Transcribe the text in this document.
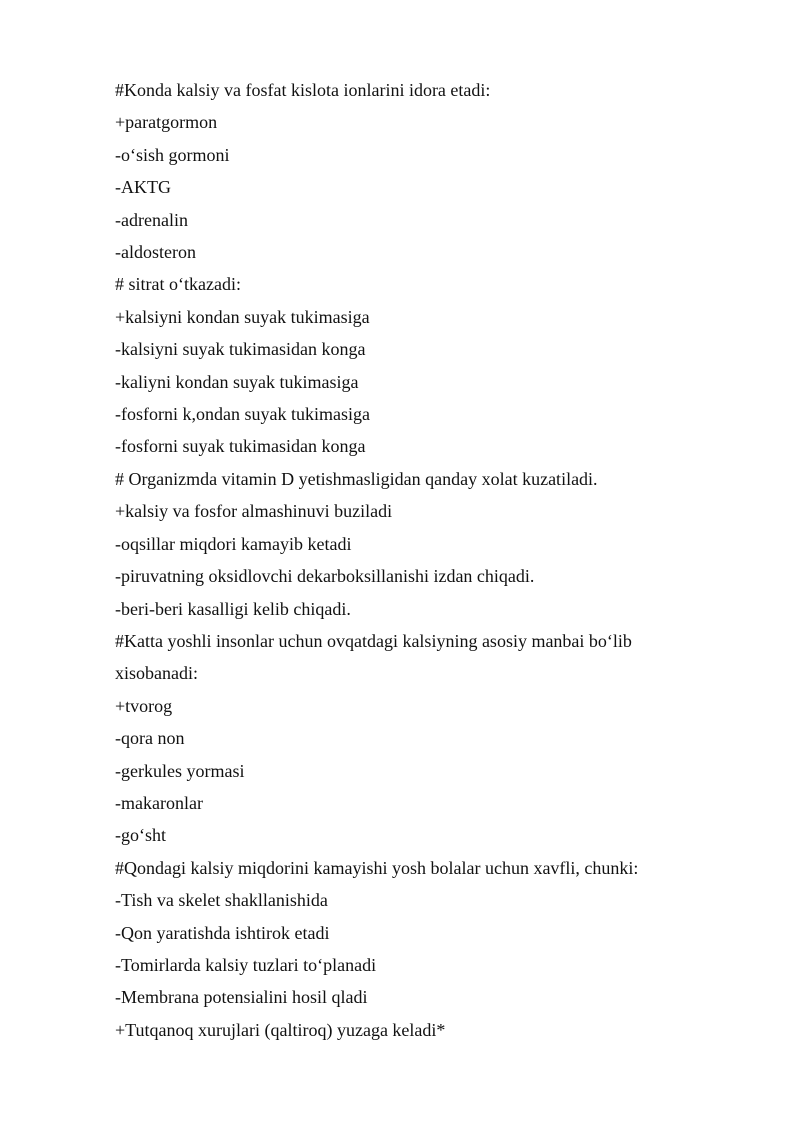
#Konda kalsiy va fosfat kislota ionlarini idora etadi:

+paratgormon

-o‘sish gormoni

-AKTG

-adrenalin

-aldosteron

# sitrat o‘tkazadi:

+kalsiyni kondan suyak tukimasiga

-kalsiyni suyak tukimasidan konga

-kaliyni kondan suyak tukimasiga

-fosforni k,ondan suyak tukimasiga

-fosforni suyak tukimasidan konga

# Organizmda vitamin D yetishmasligidan qanday xolat kuzatiladi.

+kalsiy va fosfor almashinuvi buziladi

-oqsillar miqdori kamayib ketadi

-piruvatning oksidlovchi dekarboksillanishi izdan chiqadi.

-beri-beri kasalligi kelib chiqadi.

#Katta yoshli insonlar uchun ovqatdagi kalsiyning asosiy manbai bo‘lib

xisobanadi:

+tvorog

-qora non

-gerkules yormasi

-makaronlar

-go‘sht

#Qondagi kalsiy miqdorini kamayishi yosh bolalar uchun xavfli, chunki:

-Tish va skelet shakllanishida

-Qon yaratishda ishtirok etadi

-Tomirlarda kalsiy tuzlari to‘planadi

-Membrana potensialini hosil qladi

+Tutqanoq xurujlari (qaltiroq) yuzaga keladi*
